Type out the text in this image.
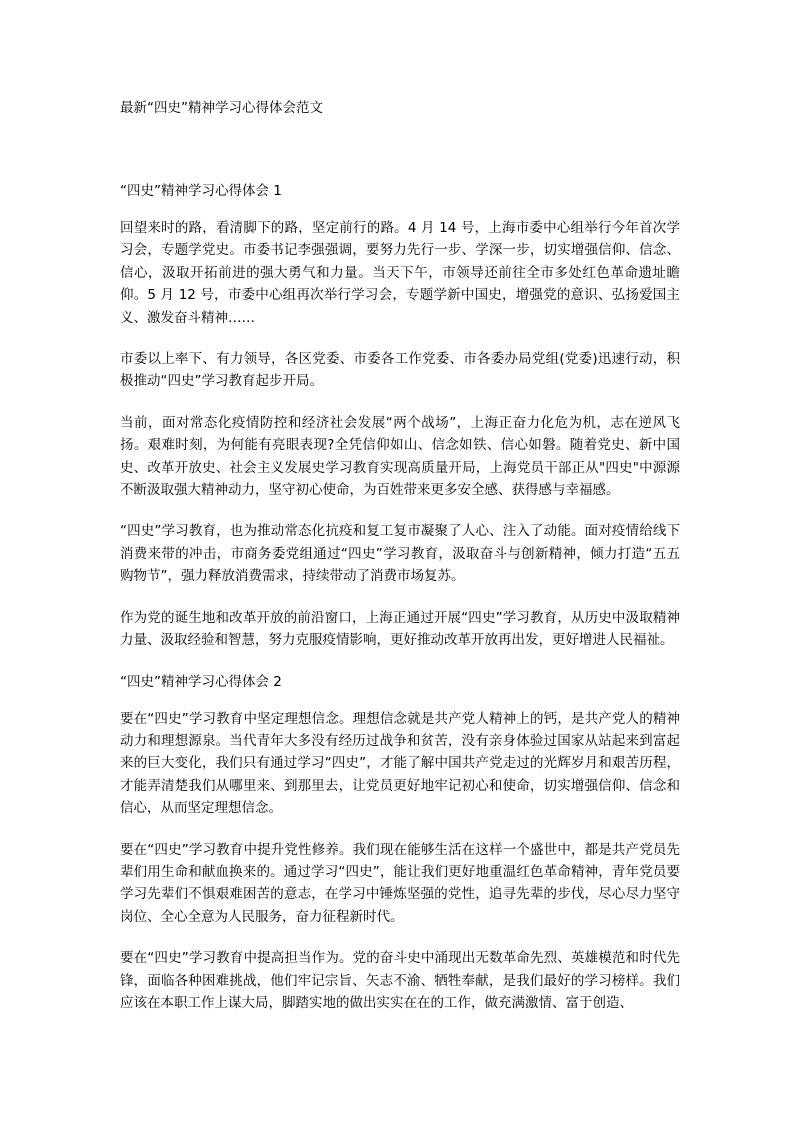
最新“四史”精神学习心得体会范文
“四史”精神学习心得体会 1

回望来时的路，看清脚下的路，坚定前行的路。4 月 14 号，上海市委中心组举行今年首次学习会，专题学党史。市委书记李强强调，要努力先行一步、学深一步，切实增强信仰、信念、信心，汲取开拓前进的强大勇气和力量。当天下午，市领导还前往全市多处红色革命遗址瞻仰。5 月 12 号，市委中心组再次举行学习会，专题学新中国史，增强党的意识、弘扬爱国主义、激发奋斗精神……

市委以上率下、有力领导，各区党委、市委各工作党委、市各委办局党组(党委)迅速行动，积极推动“四史”学习教育起步开局。

当前，面对常态化疫情防控和经济社会发展“两个战场”，上海正奋力化危为机，志在逆风飞扬。艰难时刻，为何能有亮眼表现?全凭信仰如山、信念如铁、信心如磐。随着党史、新中国史、改革开放史、社会主义发展史学习教育实现高质量开局，上海党员干部正从"四史"中源源不断汲取强大精神动力，坚守初心使命，为百姓带来更多安全感、获得感与幸福感。

“四史”学习教育，也为推动常态化抗疫和复工复市凝聚了人心、注入了动能。面对疫情给线下消费来带的冲击，市商务委党组通过“四史”学习教育，汲取奋斗与创新精神，倾力打造“五五购物节”，强力释放消费需求，持续带动了消费市场复苏。

作为党的诞生地和改革开放的前沿窗口，上海正通过开展“四史”学习教育，从历史中汲取精神力量、汲取经验和智慧，努力克服疫情影响，更好推动改革开放再出发，更好增进人民福祉。

“四史”精神学习心得体会 2

要在“四史”学习教育中坚定理想信念。理想信念就是共产党人精神上的钙，是共产党人的精神动力和理想源泉。当代青年大多没有经历过战争和贫苦，没有亲身体验过国家从站起来到富起来的巨大变化，我们只有通过学习“四史”，才能了解中国共产党走过的光辉岁月和艰苦历程，才能弄清楚我们从哪里来、到那里去，让党员更好地牢记初心和使命，切实增强信仰、信念和信心，从而坚定理想信念。

要在“四史”学习教育中提升党性修养。我们现在能够生活在这样一个盛世中，都是共产党员先辈们用生命和献血换来的。通过学习“四史”，能让我们更好地重温红色革命精神，青年党员要学习先辈们不惧艰难困苦的意志，在学习中锤炼坚强的党性，追寻先辈的步伐，尽心尽力坚守岗位、全心全意为人民服务，奋力征程新时代。

要在“四史”学习教育中提高担当作为。党的奋斗史中涌现出无数革命先烈、英雄模范和时代先锋，面临各种困难挑战，他们牢记宗旨、矢志不渝、牺牲奉献，是我们最好的学习榜样。我们应该在本职工作上谋大局，脚踏实地的做出实实在在的工作，做充满激情、富于创造、
